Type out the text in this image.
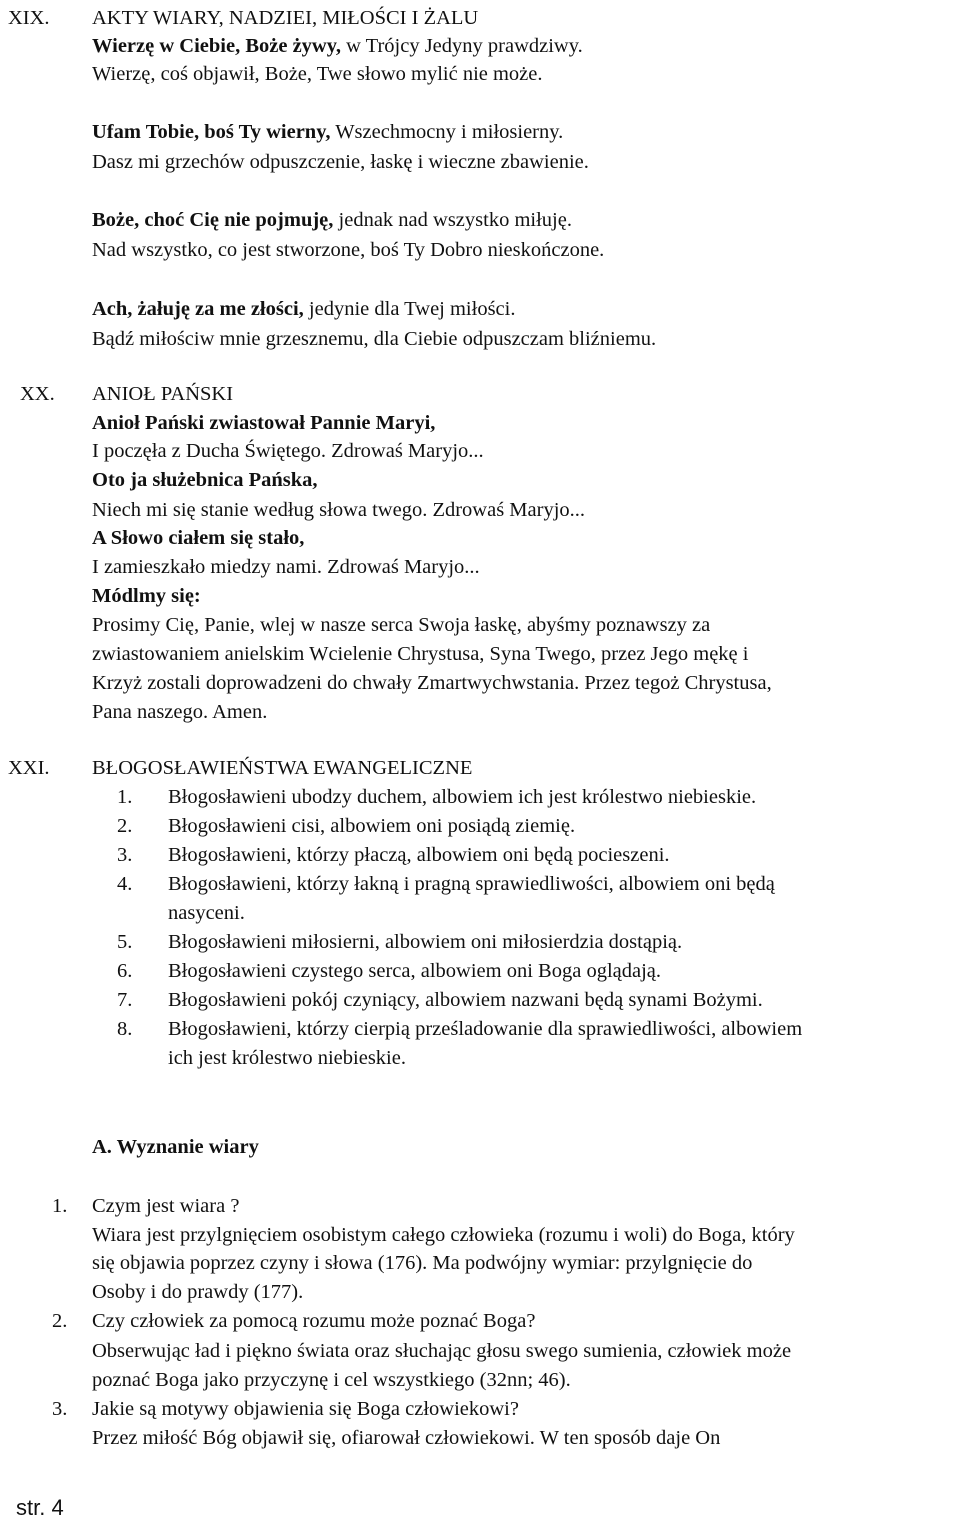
XIX. AKTY WIARY, NADZIEI, MIŁOŚCI I ŻALU
Wierzę w Ciebie, Boże żywy, w Trójcy Jedyny prawdziwy.
Wierzę, coś objawił, Boże, Twe słowo mylić nie może.
Ufam Tobie, boś Ty wierny, Wszechmocny i miłosierny.
Dasz mi grzechów odpuszczenie, łaskę i wieczne zbawienie.
Boże, choć Cię nie pojmuję, jednak nad wszystko miłuję.
Nad wszystko, co jest stworzone, boś Ty Dobro nieskończone.
Ach, żałuję za me złości, jedynie dla Twej miłości.
Bądź miłościw mnie grzesznemu, dla Ciebie odpuszczam bliźniemu.
XX. ANIOŁ PAŃSKI
Anioł Pański zwiastował Pannie Maryi,
I poczęła z Ducha Świętego. Zdrowaś Maryjo...
Oto ja służebnica Pańska,
Niech mi się stanie według słowa twego. Zdrowaś Maryjo...
A Słowo ciałem się stało,
I zamieszkało miedzy nami. Zdrowaś Maryjo...
Módlmy się:
Prosimy Cię, Panie, wlej w nasze serca Swoja łaskę, abyśmy poznawszy za
zwiastowaniem anielskim Wcielenie Chrystusa, Syna Twego, przez Jego mękę i
Krzyż zostali doprowadzeni do chwały Zmartwychwstania. Przez tegoż Chrystusa,
Pana naszego. Amen.
XXI. BŁOGOSŁAWIEŃSTWA EWANGELICZNE
1. Błogosławieni ubodzy duchem, albowiem ich jest królestwo niebieskie.
2. Błogosławieni cisi, albowiem oni posiądą ziemię.
3. Błogosławieni, którzy płaczą, albowiem oni będą pocieszeni.
4. Błogosławieni, którzy łakną i pragną sprawiedliwości, albowiem oni będą
nasyceni.
5. Błogosławieni miłosierni, albowiem oni miłosierdzia dostąpią.
6. Błogosławieni czystego serca, albowiem oni Boga oglądają.
7. Błogosławieni pokój czyniący, albowiem nazwani będą synami Bożymi.
8. Błogosławieni, którzy cierpią prześladowanie dla sprawiedliwości, albowiem
ich jest królestwo niebieskie.
A. Wyznanie wiary
1. Czym jest wiara ?
Wiara jest przylgnięciem osobistym całego człowieka (rozumu i woli) do Boga, który
się objawia poprzez czyny i słowa (176). Ma podwójny wymiar: przylgnięcie do
Osoby i do prawdy (177).
2. Czy człowiek za pomocą rozumu może poznać Boga?
Obserwując ład i piękno świata oraz słuchając głosu swego sumienia, człowiek może
poznać Boga jako przyczynę i cel wszystkiego (32nn; 46).
3. Jakie są motywy objawienia się Boga człowiekowi?
Przez miłość Bóg objawił się, ofiarował człowiekowi. W ten sposób daje On
str. 4
